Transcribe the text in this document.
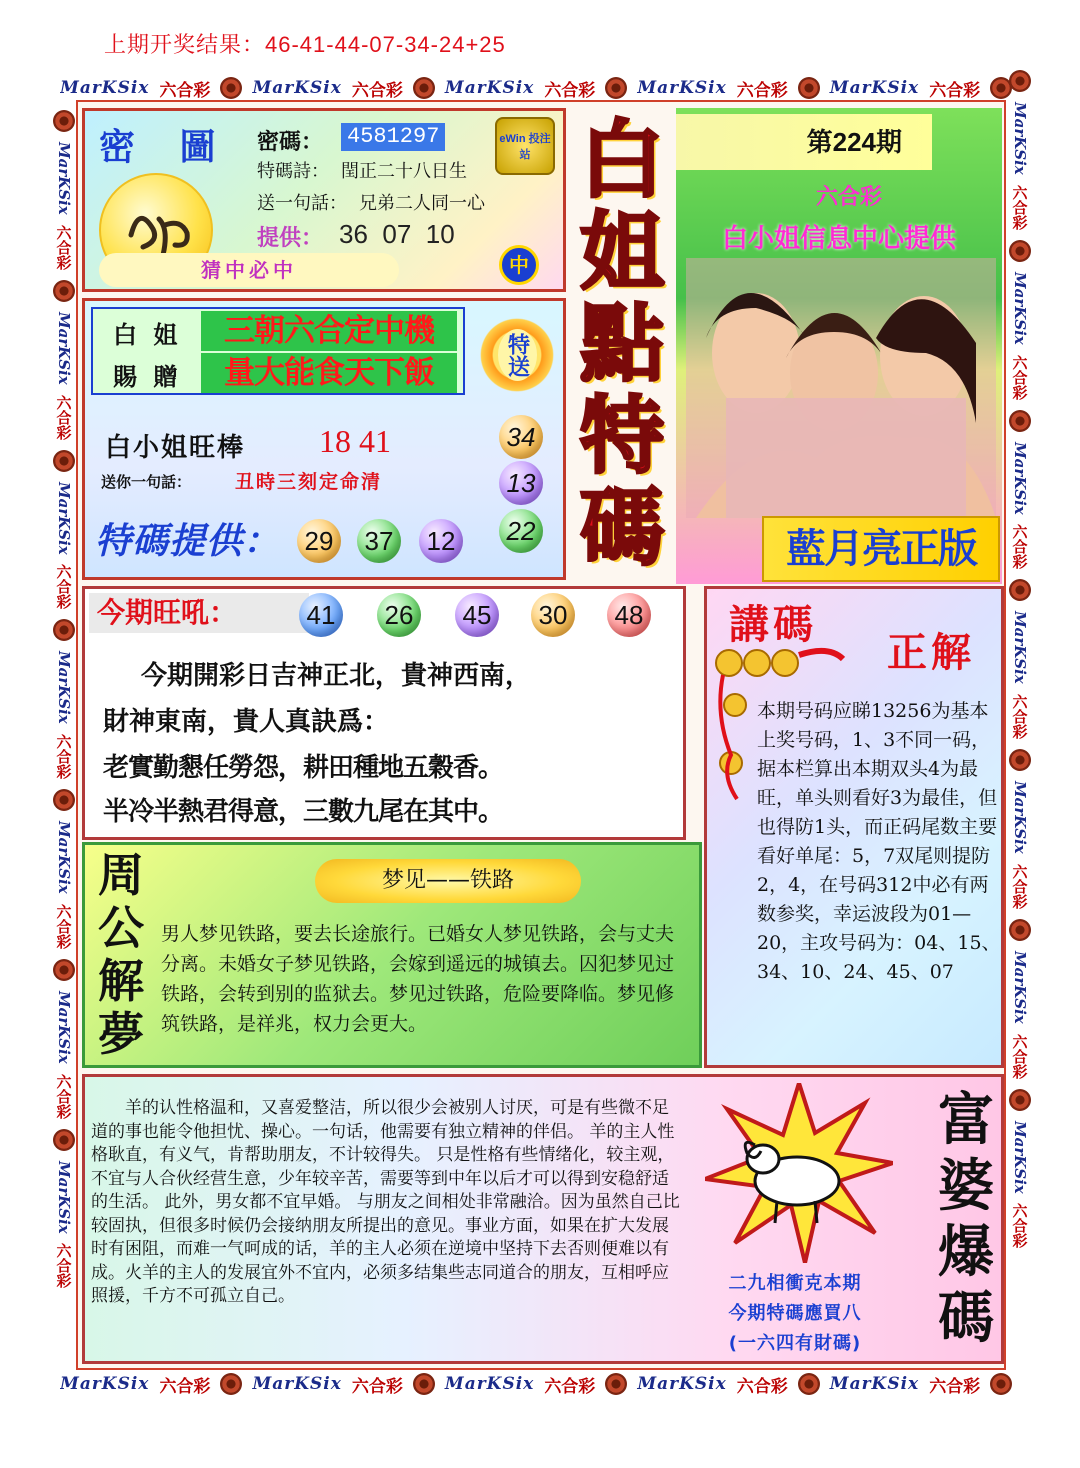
上期开奖结果：46-41-44-07-34-24+25
MarKSix 六合彩 MarKSix 六合彩 MarKSix 六合彩 MarKSix 六合彩 MarKSix 六合彩
MarKSix 六合彩 MarKSix 六合彩 MarKSix 六合彩 MarKSix 六合彩 MarKSix 六合彩
MarKSix
六合彩
MarKSix
六合彩
MarKSix
六合彩
MarKSix
六合彩
MarKSix
六合彩
MarKSix
六合彩
MarKSix
六合彩
MarKSix
六合彩
MarKSix
六合彩
MarKSix
六合彩
MarKSix
六合彩
MarKSix
六合彩
MarKSix
六合彩
MarKSix
六合彩
密 圖 密碼： 4581297
特碼詩： 閏正二十八日生
送一句話： 兄弟二人同一心
提供： 36  07  10
猜中必中
eWin 投注站
中
白
姐
點
特
碼
第224期
六合彩
白小姐信息中心提供
藍月亮正版
白 姐
賜 贈
三朝六合定中機
量大能食天下飯	特送
白小姐旺棒 18 41
送你一句話： 丑時三刻定命清
特碼提供： 29 37 12
34
13
22
今期旺吼：	41 26 45 30 48
今期開彩日吉神正北，貴神西南，
財神東南，貴人真訣爲：
老實勤懇任勞怨，耕田種地五穀香。
半冷半熱君得意，三數九尾在其中。
周
公
解
夢
梦见——铁路
男人梦见铁路，要去长途旅行。已婚女人梦见铁路，会与丈夫分离。未婚女子梦见铁路，会嫁到遥远的城镇去。囚犯梦见过铁路，会转到别的监狱去。梦见过铁路，危险要降临。梦见修筑铁路，是祥兆，权力会更大。
講碼
正解
本期号码应睇13256为基本上奖号码，1、3不同一码，据本栏算出本期双头4为最旺，单头则看好3为最佳，但也得防1头，而正码尾数主要看好单尾：5，7双尾则提防2，4，在号码312中必有两数参奖，幸运波段为01—20，主攻号码为：04、15、34、10、24、45、07
羊的认性格温和，又喜爱整洁，所以很少会被别人讨厌，可是有些微不足道的事也能令他担忧、操心。一句话，他需要有独立精神的伴侣。 羊的主人性格耿直，有义气，肯帮助朋友，不计较得失。 只是性格有些情绪化，较主观，不宜与人合伙经营生意，少年较辛苦，需要等到中年以后才可以得到安稳舒适的生活。 此外，男女都不宜早婚。 与朋友之间相处非常融洽。因为虽然自己比较固执，但很多时候仍会接纳朋友所提出的意见。事业方面，如果在扩大发展时有困阻，而难一气呵成的话，羊的主人必须在逆境中坚持下去否则便难以有成。火羊的主人的发展宜外不宜内，必须多结集些志同道合的朋友，互相呼应照援，千方不可孤立自己。
二九相衝克本期
今期特碼應買八
(一六四有財碼)
富
婆
爆
碼
